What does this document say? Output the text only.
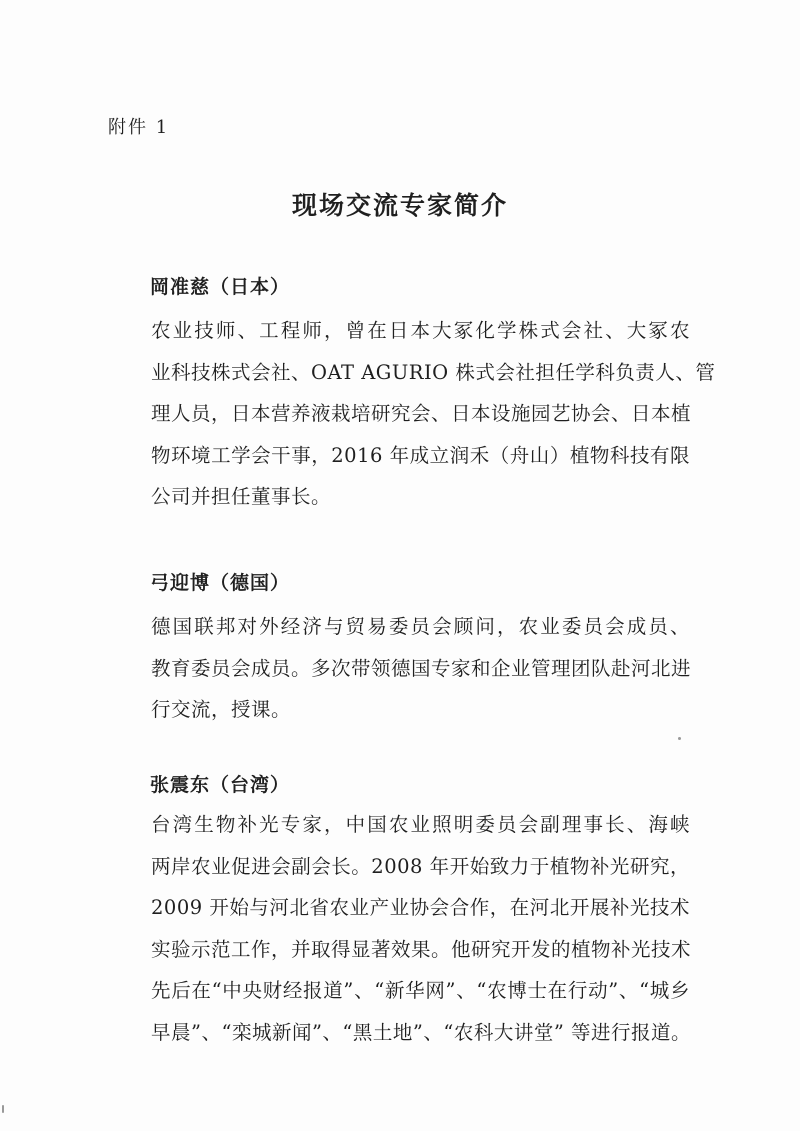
附件 1
现场交流专家简介
岡准慈（日本）
农业技师、工程师，曾在日本大冢化学株式会社、大冢农
业科技株式会社、OAT AGURIO 株式会社担任学科负责人、管
理人员，日本营养液栽培研究会、日本设施园艺协会、日本植
物环境工学会干事，2016 年成立润禾（舟山）植物科技有限
公司并担任董事长。
弓迎博（德国）
德国联邦对外经济与贸易委员会顾问，农业委员会成员、
教育委员会成员。多次带领德国专家和企业管理团队赴河北进
行交流，授课。
张震东（台湾）
台湾生物补光专家，中国农业照明委员会副理事长、海峡
两岸农业促进会副会长。2008 年开始致力于植物补光研究，
2009 开始与河北省农业产业协会合作，在河北开展补光技术
实验示范工作，并取得显著效果。他研究开发的植物补光技术
先后在“中央财经报道”、“新华网”、“农博士在行动”、“城乡
早晨”、“栾城新闻”、“黑土地”、“农科大讲堂” 等进行报道。
